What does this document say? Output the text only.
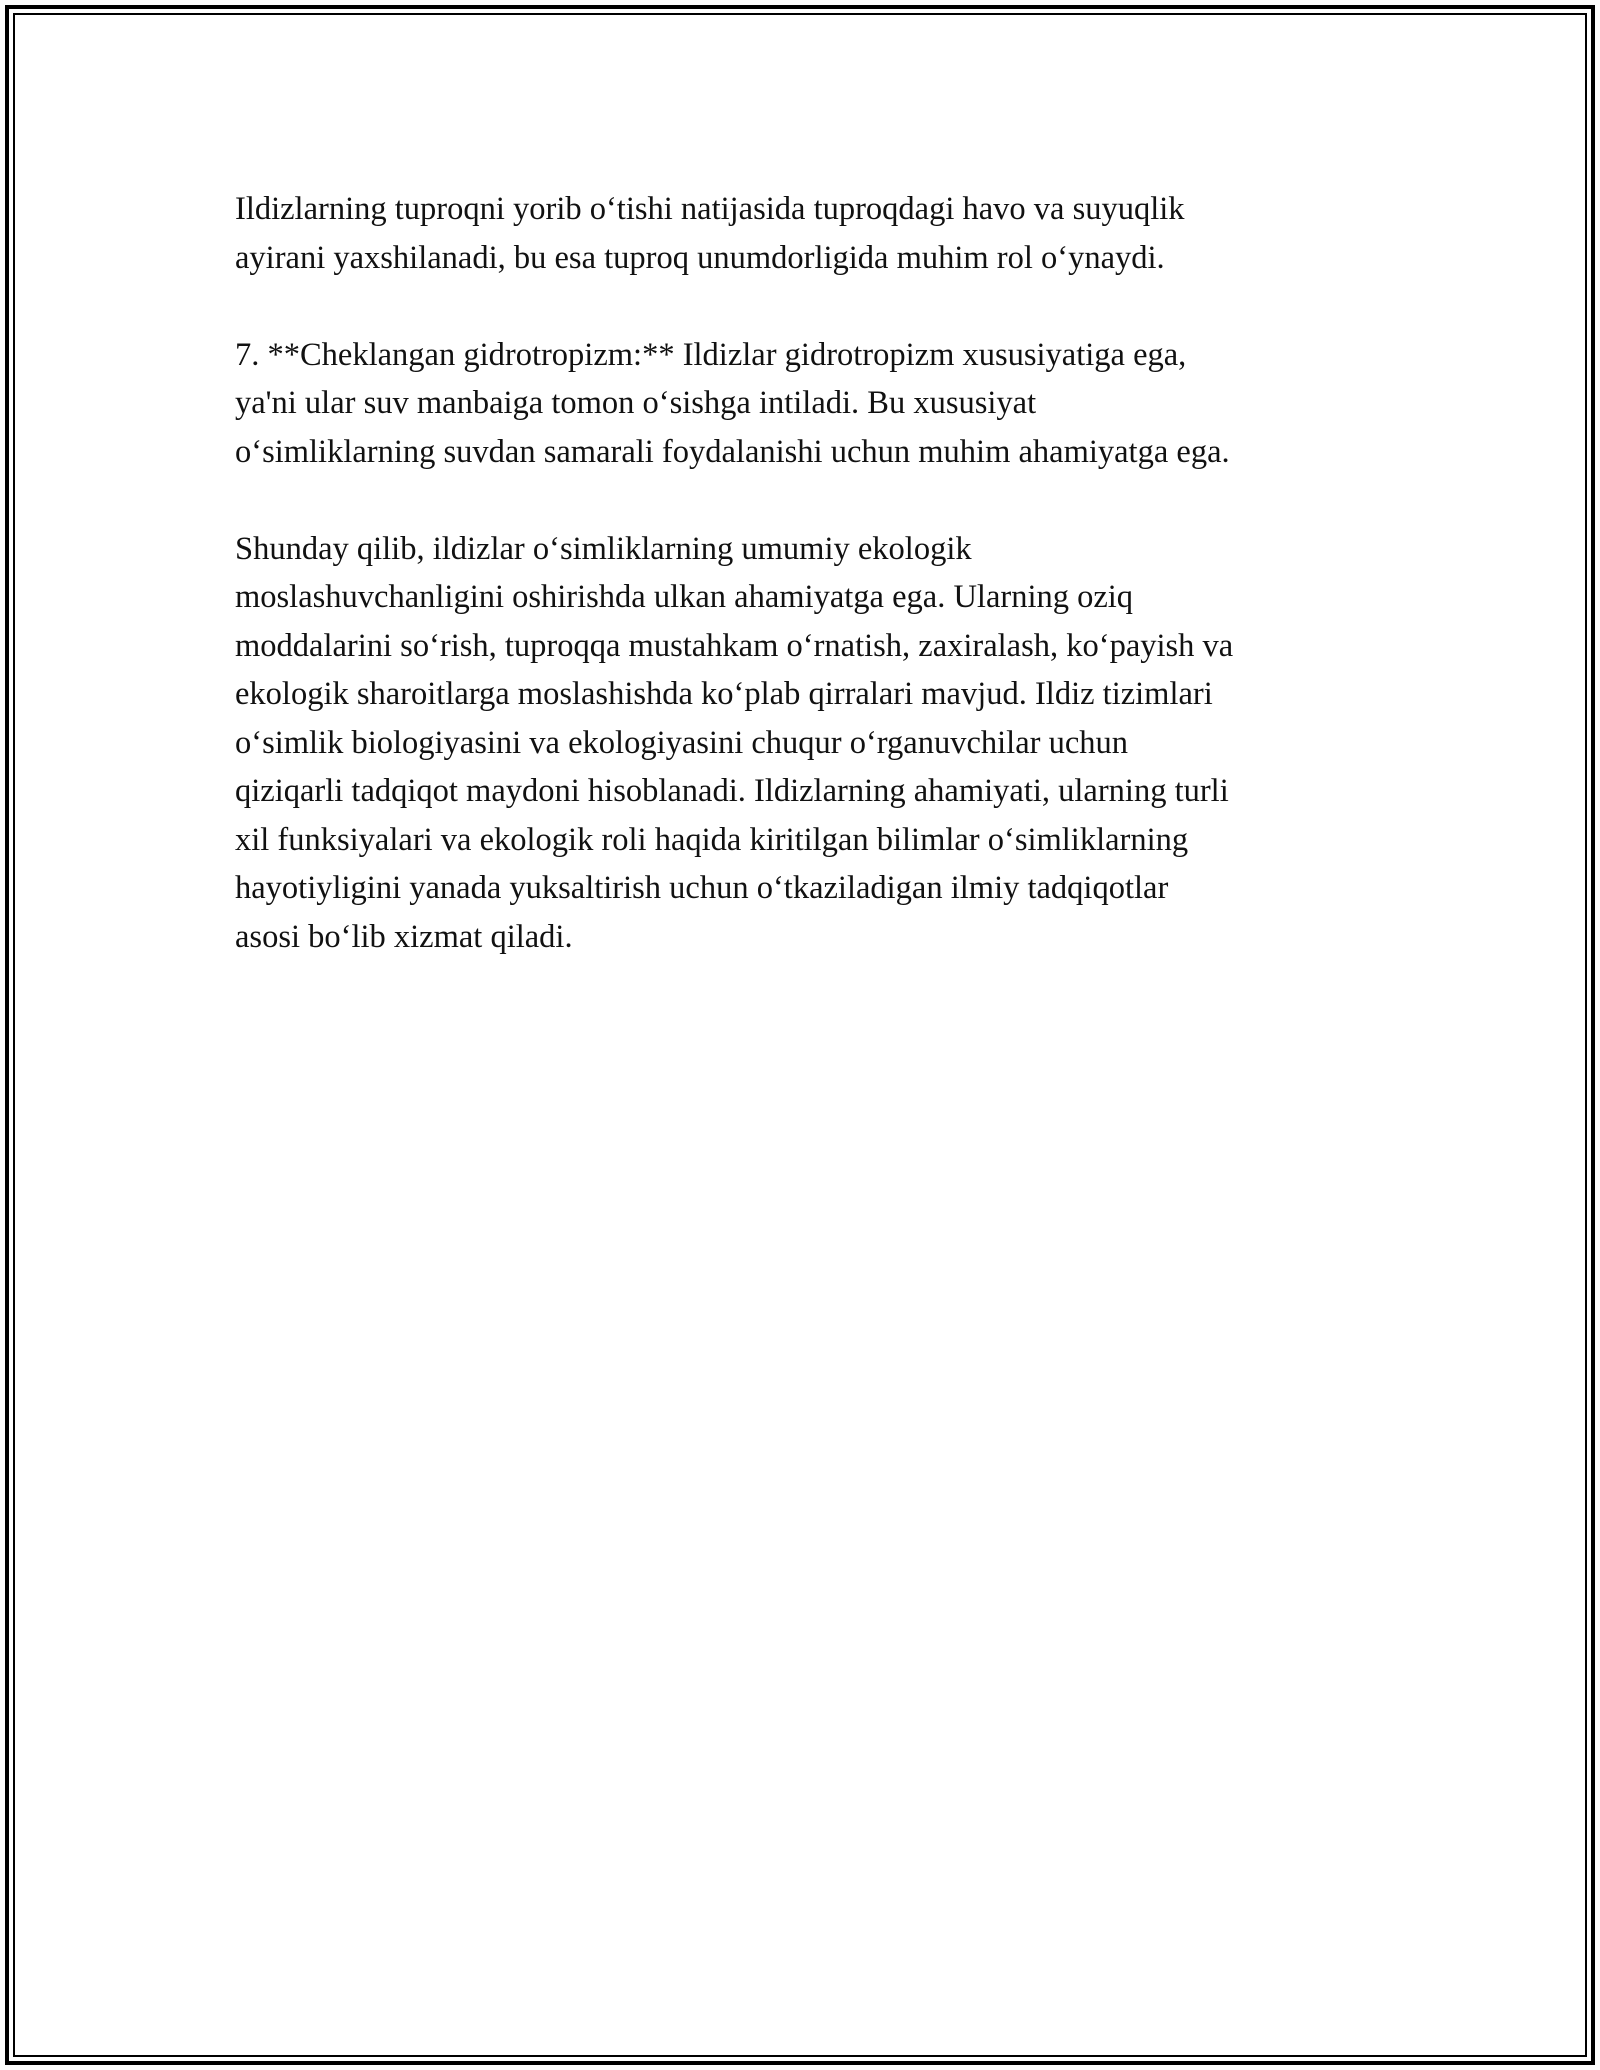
Ildizlarning tuproqni yorib o‘tishi natijasida tuproqdagi havo va suyuqlik
ayirani yaxshilanadi, bu esa tuproq unumdorligida muhim rol o‘ynaydi.

7. **Cheklangan gidrotropizm:** Ildizlar gidrotropizm xususiyatiga ega,
ya'ni ular suv manbaiga tomon o‘sishga intiladi. Bu xususiyat
o‘simliklarning suvdan samarali foydalanishi uchun muhim ahamiyatga ega.

Shunday qilib, ildizlar o‘simliklarning umumiy ekologik
moslashuvchanligini oshirishda ulkan ahamiyatga ega. Ularning oziq
moddalarini so‘rish, tuproqqa mustahkam o‘rnatish, zaxiralash, ko‘payish va
ekologik sharoitlarga moslashishda ko‘plab qirralari mavjud. Ildiz tizimlari
o‘simlik biologiyasini va ekologiyasini chuqur o‘rganuvchilar uchun
qiziqarli tadqiqot maydoni hisoblanadi. Ildizlarning ahamiyati, ularning turli
xil funksiyalari va ekologik roli haqida kiritilgan bilimlar o‘simliklarning
hayotiyligini yanada yuksaltirish uchun o‘tkaziladigan ilmiy tadqiqotlar
asosi bo‘lib xizmat qiladi.
